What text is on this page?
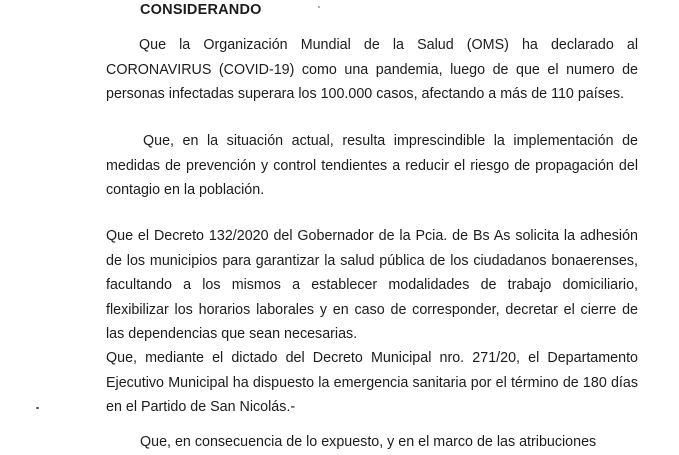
CONSIDERANDO

Que la Organización Mundial de la Salud (OMS) ha declarado al CORONAVIRUS (COVID-19) como una pandemia, luego de que el numero de personas infectadas superara los 100.000 casos, afectando a más de 110 países.

Que, en la situación actual, resulta imprescindible la implementación de medidas de prevención y control tendientes a reducir el riesgo de propagación del contagio en la población.

Que el Decreto 132/2020 del Gobernador de la Pcia. de Bs As solicita la adhesión de los municipios para garantizar la salud pública de los ciudadanos bonaerenses, facultando a los mismos a establecer modalidades de trabajo domiciliario, flexibilizar los horarios laborales y en caso de corresponder, decretar el cierre de las dependencias que sean necesarias.

Que, mediante el dictado del Decreto Municipal nro. 271/20, el Departamento Ejecutivo Municipal ha dispuesto la emergencia sanitaria por el término de 180 días en el Partido de San Nicolás.-

Que, en consecuencia de lo expuesto, y en el marco de las atribuciones
